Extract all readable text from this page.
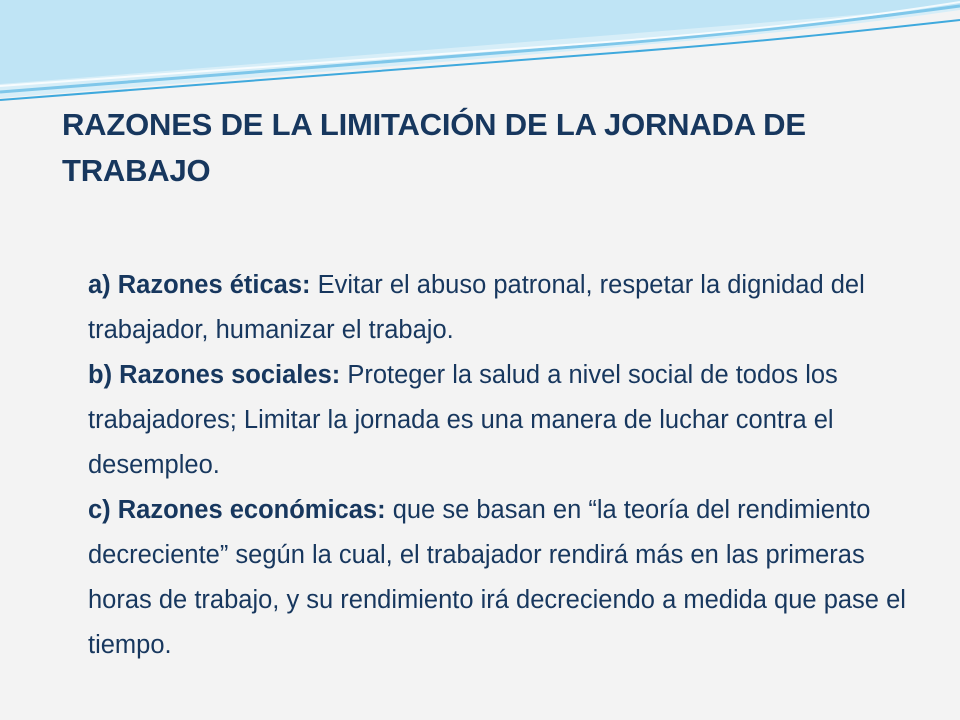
RAZONES DE LA LIMITACIÓN DE LA JORNADA DE TRABAJO

a) Razones éticas: Evitar el abuso patronal, respetar la dignidad del trabajador, humanizar el trabajo.

b) Razones sociales: Proteger la salud a nivel social de todos los trabajadores; Limitar la jornada es una manera de luchar contra el desempleo.

c) Razones económicas: que se basan en “la teoría del rendimiento decreciente” según la cual, el trabajador rendirá más en las primeras horas de trabajo, y su rendimiento irá decreciendo a medida que pase el tiempo.
